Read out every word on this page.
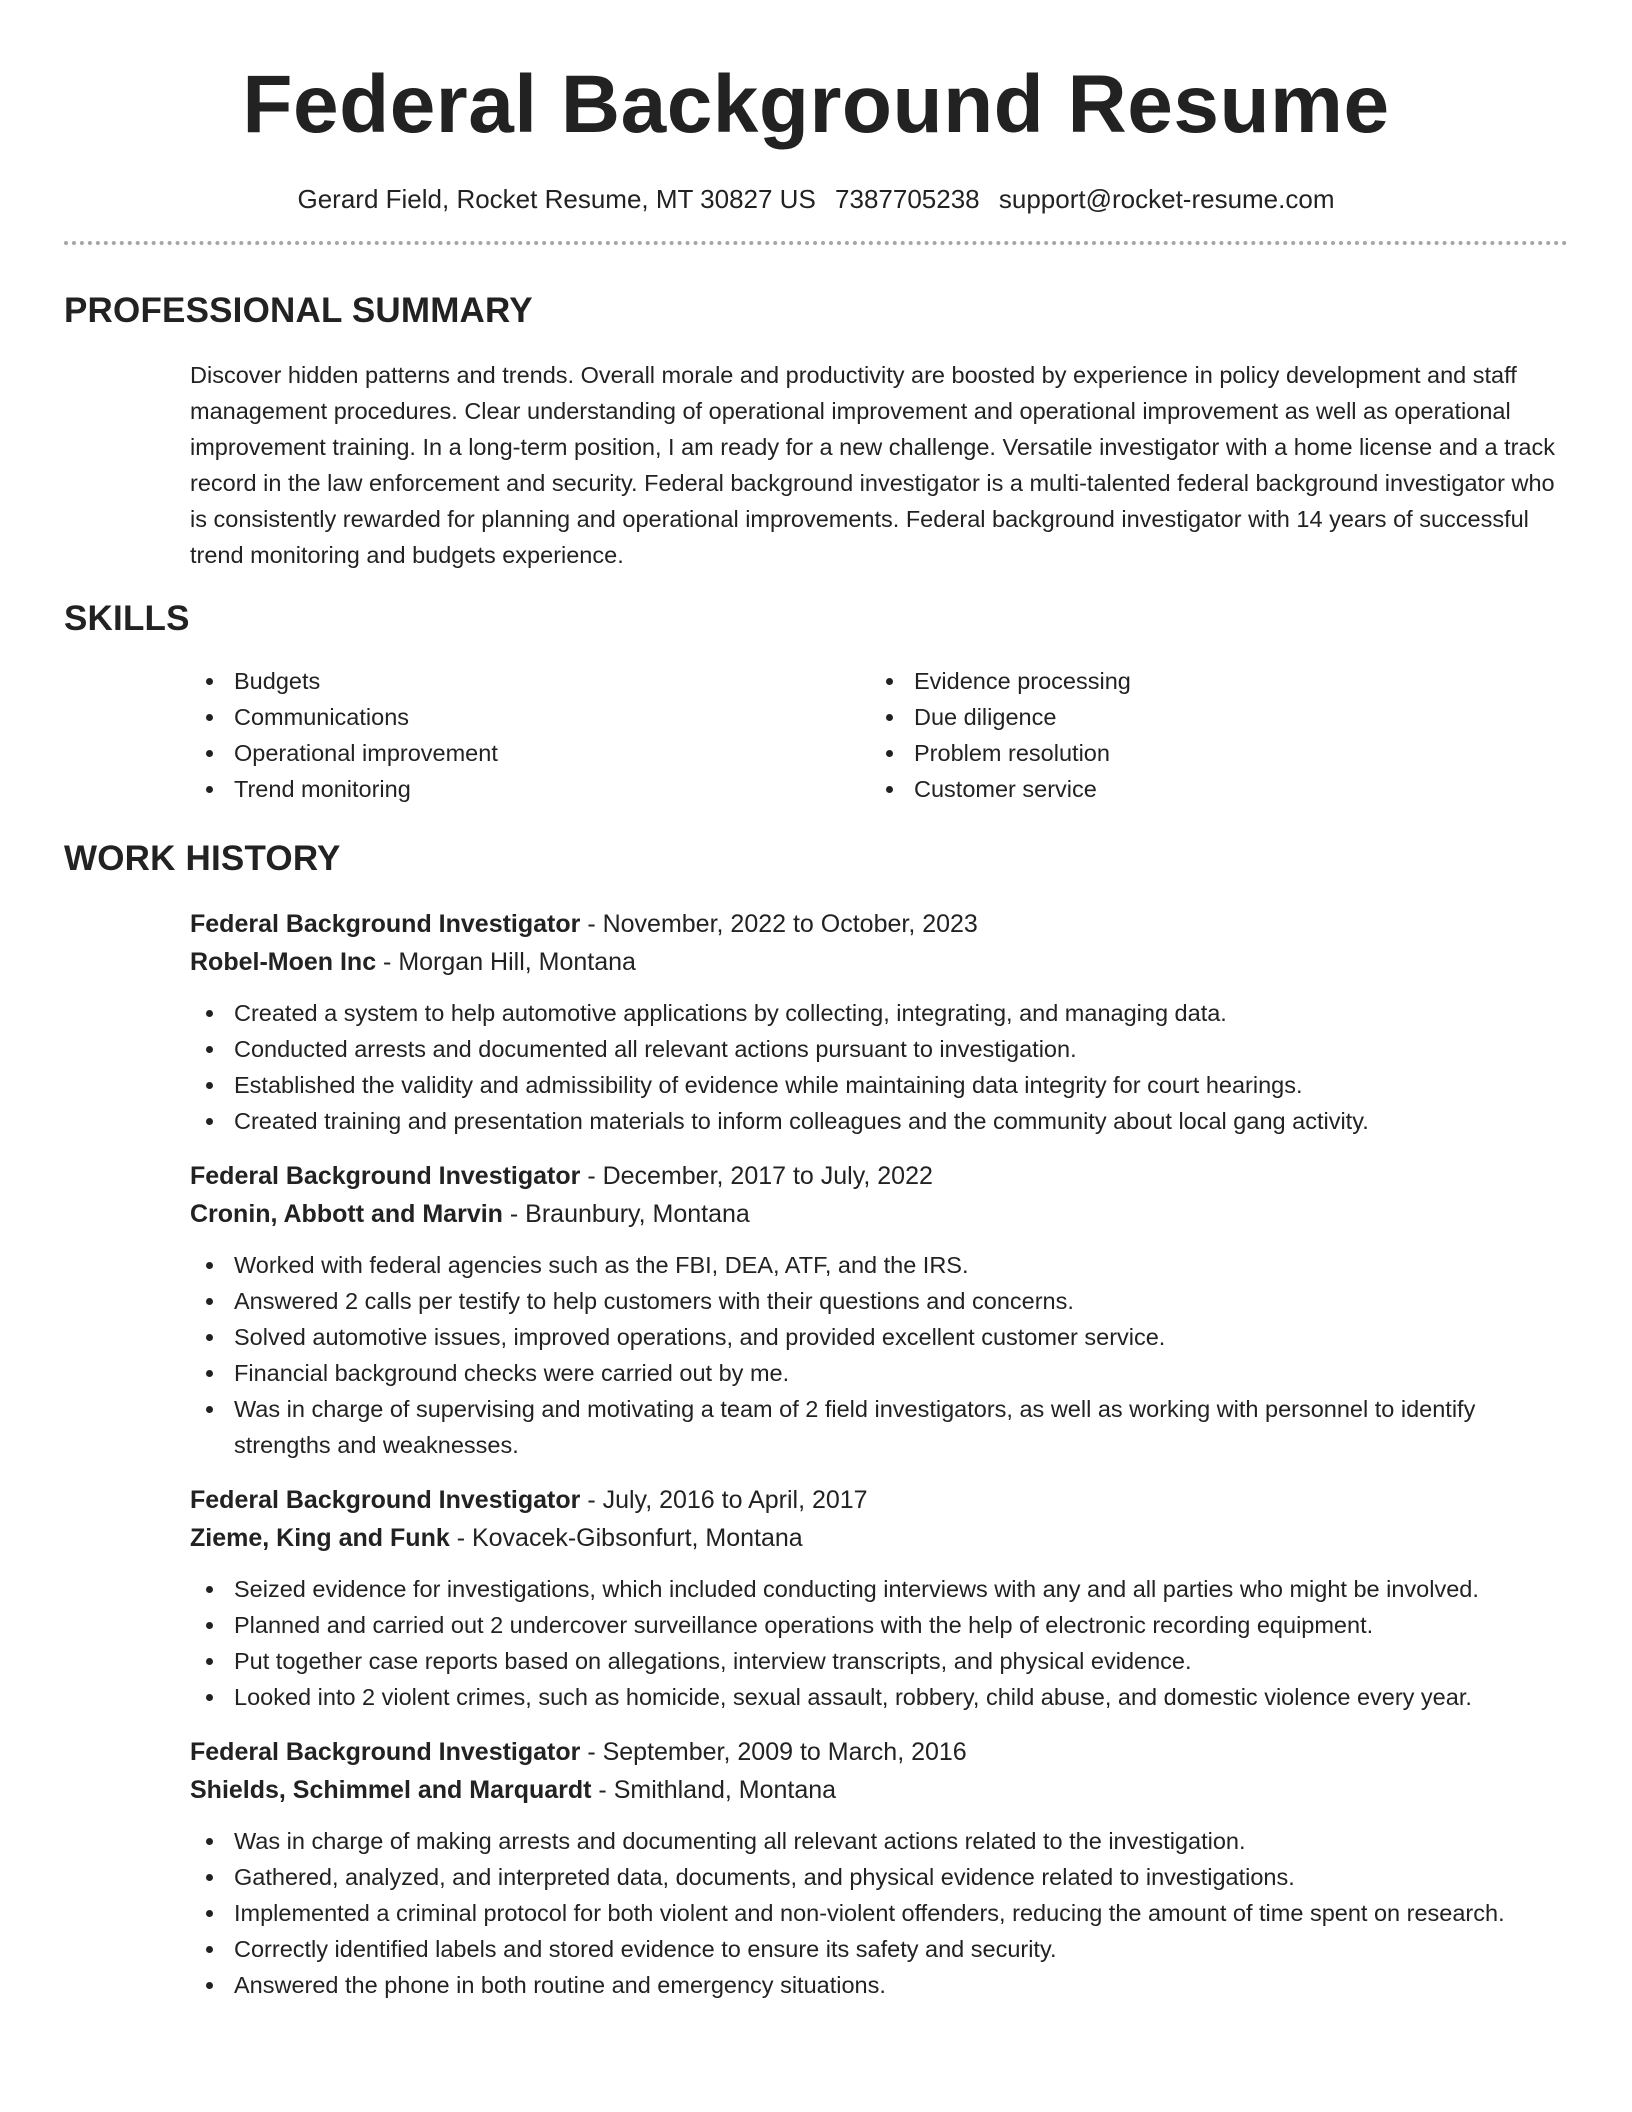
Federal Background Resume
Gerard Field, Rocket Resume, MT 30827 US 7387705238 support@rocket-resume.com
PROFESSIONAL SUMMARY

Discover hidden patterns and trends. Overall morale and productivity are boosted by experience in policy development and staff management procedures. Clear understanding of operational improvement and operational improvement as well as operational improvement training. In a long-term position, I am ready for a new challenge. Versatile investigator with a home license and a track record in the law enforcement and security. Federal background investigator is a multi-talented federal background investigator who is consistently rewarded for planning and operational improvements. Federal background investigator with 14 years of successful trend monitoring and budgets experience.

SKILLS
Budgets
Communications
Operational improvement
Trend monitoring
Evidence processing
Due diligence
Problem resolution
Customer service
WORK HISTORY
Federal Background Investigator - November, 2022 to October, 2023
Robel-Moen Inc - Morgan Hill, Montana
Created a system to help automotive applications by collecting, integrating, and managing data.
Conducted arrests and documented all relevant actions pursuant to investigation.
Established the validity and admissibility of evidence while maintaining data integrity for court hearings.
Created training and presentation materials to inform colleagues and the community about local gang activity.
Federal Background Investigator - December, 2017 to July, 2022
Cronin, Abbott and Marvin - Braunbury, Montana
Worked with federal agencies such as the FBI, DEA, ATF, and the IRS.
Answered 2 calls per testify to help customers with their questions and concerns.
Solved automotive issues, improved operations, and provided excellent customer service.
Financial background checks were carried out by me.
Was in charge of supervising and motivating a team of 2 field investigators, as well as working with personnel to identify strengths and weaknesses.
Federal Background Investigator - July, 2016 to April, 2017
Zieme, King and Funk - Kovacek-Gibsonfurt, Montana
Seized evidence for investigations, which included conducting interviews with any and all parties who might be involved.
Planned and carried out 2 undercover surveillance operations with the help of electronic recording equipment.
Put together case reports based on allegations, interview transcripts, and physical evidence.
Looked into 2 violent crimes, such as homicide, sexual assault, robbery, child abuse, and domestic violence every year.
Federal Background Investigator - September, 2009 to March, 2016
Shields, Schimmel and Marquardt - Smithland, Montana
Was in charge of making arrests and documenting all relevant actions related to the investigation.
Gathered, analyzed, and interpreted data, documents, and physical evidence related to investigations.
Implemented a criminal protocol for both violent and non-violent offenders, reducing the amount of time spent on research.
Correctly identified labels and stored evidence to ensure its safety and security.
Answered the phone in both routine and emergency situations.
